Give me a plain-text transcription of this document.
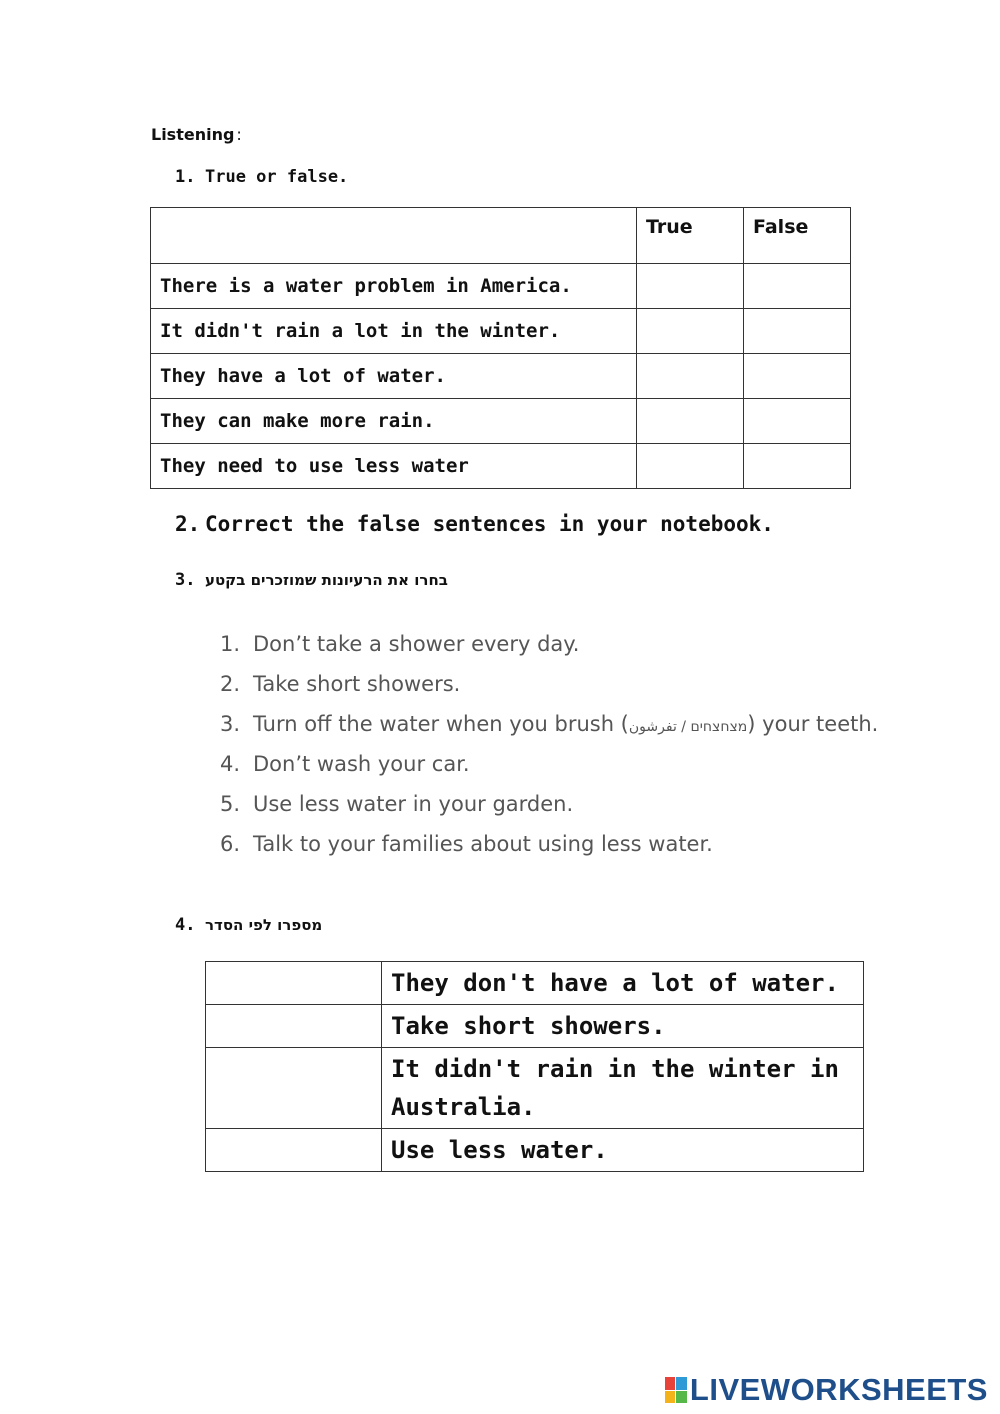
Listening :
1. True or false.
	True	False
There is a water problem in America.		
It didn't rain a lot in the winter.		
They have a lot of water.		
They can make more rain.		
They need to use less water		
2. Correct the false sentences in your notebook.
3. בחרו את הרעיונות שמוזכרים בקטע
1. Don’t take a shower every day.
2. Take short showers.
3. Turn off the water when you brush (מצחצחים / تفرشون) your teeth.
4. Don’t wash your car.
5. Use less water in your garden.
6. Talk to your families about using less water.
4. מספרו לפי הסדר
	They don't have a lot of water.
	Take short showers.
	It didn't rain in the winter in Australia.
	Use less water.
LIVEWORKSHEETS
